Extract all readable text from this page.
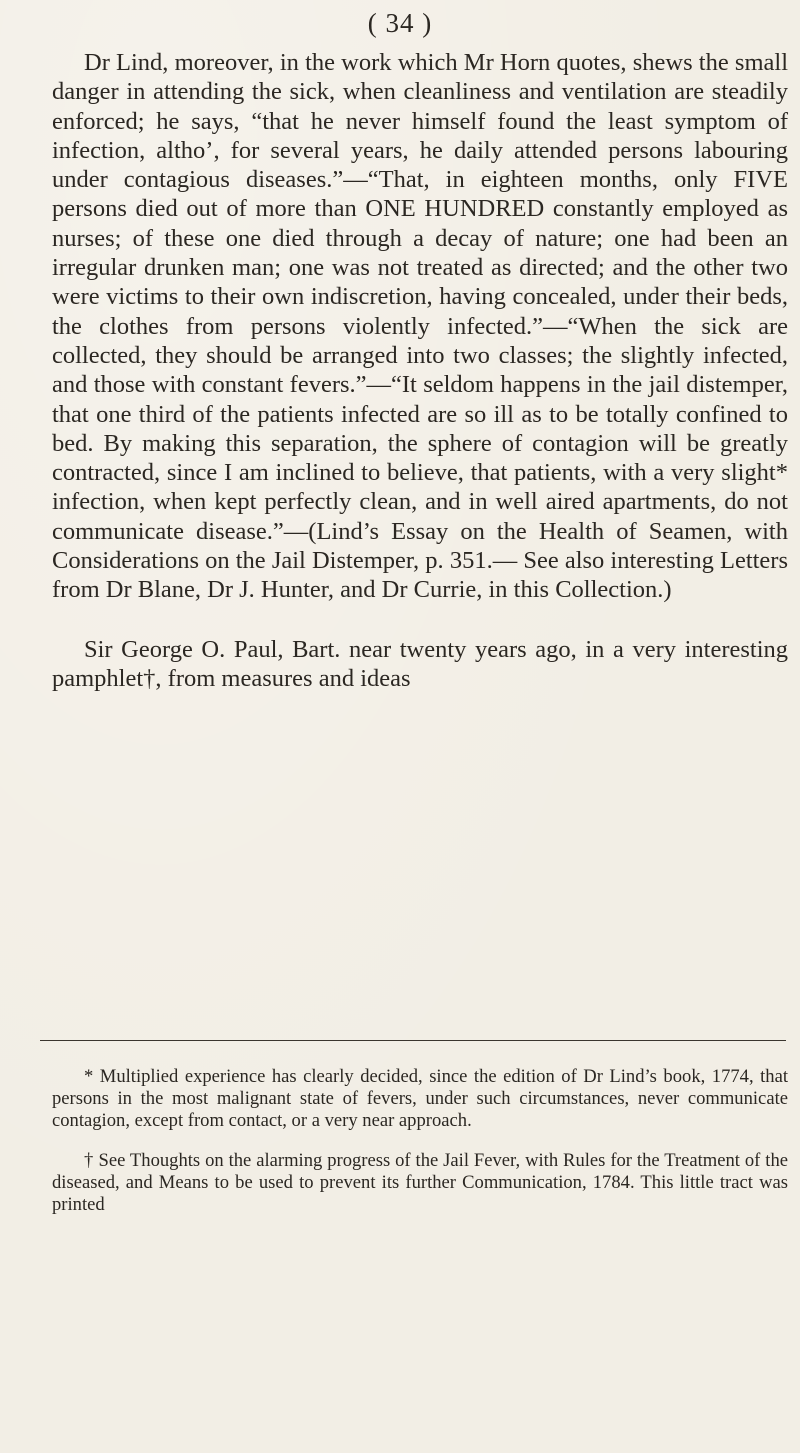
( 34 )

Dr Lind, moreover, in the work which Mr Horn quotes, shews the small danger in attending the sick, when cleanliness and ventilation are steadily enforced; he says, “that he never himself found the least symptom of infection, altho’, for several years, he daily attended persons labouring under contagious diseases.”—“That, in eighteen months, only FIVE persons died out of more than ONE HUNDRED constantly employed as nurses; of these one died through a decay of nature; one had been an irregular drunken man; one was not treated as directed; and the other two were victims to their own indiscretion, having concealed, under their beds, the clothes from persons violently infected.”—“When the sick are collected, they should be arranged into two classes; the slightly infected, and those with constant fevers.”—“It seldom happens in the jail distemper, that one third of the patients infected are so ill as to be totally confined to bed. By making this separation, the sphere of contagion will be greatly contracted, since I am inclined to believe, that patients, with a very slight* infection, when kept perfectly clean, and in well aired apartments, do not communicate disease.”—(Lind’s Essay on the Health of Seamen, with Considerations on the Jail Distemper, p. 351.— See also interesting Letters from Dr Blane, Dr J. Hunter, and Dr Currie, in this Collection.)

Sir George O. Paul, Bart. near twenty years ago, in a very interesting pamphlet†, from measures and ideas

* Multiplied experience has clearly decided, since the edition of Dr Lind’s book, 1774, that persons in the most malignant state of fevers, under such circumstances, never communicate contagion, except from contact, or a very near approach.

† See Thoughts on the alarming progress of the Jail Fever, with Rules for the Treatment of the diseased, and Means to be used to prevent its further Communication, 1784. This little tract was printed
